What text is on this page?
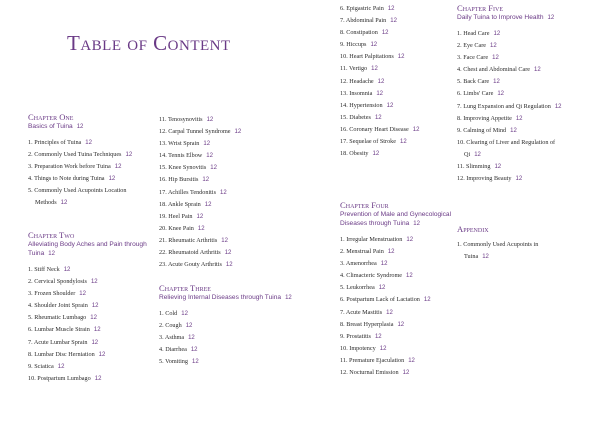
Table of Content
Chapter One
Basics of Tuina 12
1. Principles of Tuina 12
2. Commonly Used Tuina Techniques 12
3. Preparation Work before Tuina 12
4. Things to Note during Tuina 12
5. Commonly Used Acupoints Location
Methods 12
Chapter Two
Alleviating Body Aches and Pain through Tuina 12
1. Stiff Neck 12
2. Cervical Spondylosis 12
3. Frozen Shoulder 12
4. Shoulder Joint Sprain 12
5. Rheumatic Lumbago 12
6. Lumbar Muscle Strain 12
7. Acute Lumbar Sprain 12
8. Lumbar Disc Herniation 12
9. Sciatica 12
10. Postpartum Lumbago 12
11. Tenosynovitis 12
12. Carpal Tunnel Syndrome 12
13. Wrist Sprain 12
14. Tennis Elbow 12
15. Knee Synovitis 12
16. Hip Bursitis 12
17. Achilles Tendonitis 12
18. Ankle Sprain 12
19. Heel Pain 12
20. Knee Pain 12
21. Rheumatic Arthritis 12
22. Rheumatoid Arthritis 12
23. Acute Gouty Arthritis 12
Chapter Three
Relieving Internal Diseases through Tuina 12
1. Cold 12
2. Cough 12
3. Asthma 12
4. Diarrhea 12
5. Vomiting 12
6. Epigastric Pain 12
7. Abdominal Pain 12
8. Constipation 12
9. Hiccups 12
10. Heart Palpitations 12
11. Vertigo 12
12. Headache 12
13. Insomnia 12
14. Hypertension 12
15. Diabetes 12
16. Coronary Heart Disease 12
17. Sequelae of Stroke 12
18. Obesity 12
Chapter Four
Prevention of Male and Gynecological Diseases through Tuina 12
1. Irregular Menstruation 12
2. Menstrual Pain 12
3. Amenorrhea 12
4. Climacteric Syndrome 12
5. Leukorrhea 12
6. Postpartum Lack of Lactation 12
7. Acute Mastitis 12
8. Breast Hyperplasia 12
9. Prostatitis 12
10. Impotency 12
11. Premature Ejaculation 12
12. Nocturnal Emission 12
Chapter Five
Daily Tuina to Improve Health 12
1. Head Care 12
2. Eye Care 12
3. Face Care 12
4. Chest and Abdominal Care 12
5. Back Care 12
6. Limbs' Care 12
7. Lung Expansion and Qi Regulation 12
8. Improving Appetite 12
9. Calming of Mind 12
10. Clearing of Liver and Regulation of
Qi 12
11. Slimming 12
12. Improving Beauty 12
Appendix
1. Commonly Used Acupoints in
Tuina 12
